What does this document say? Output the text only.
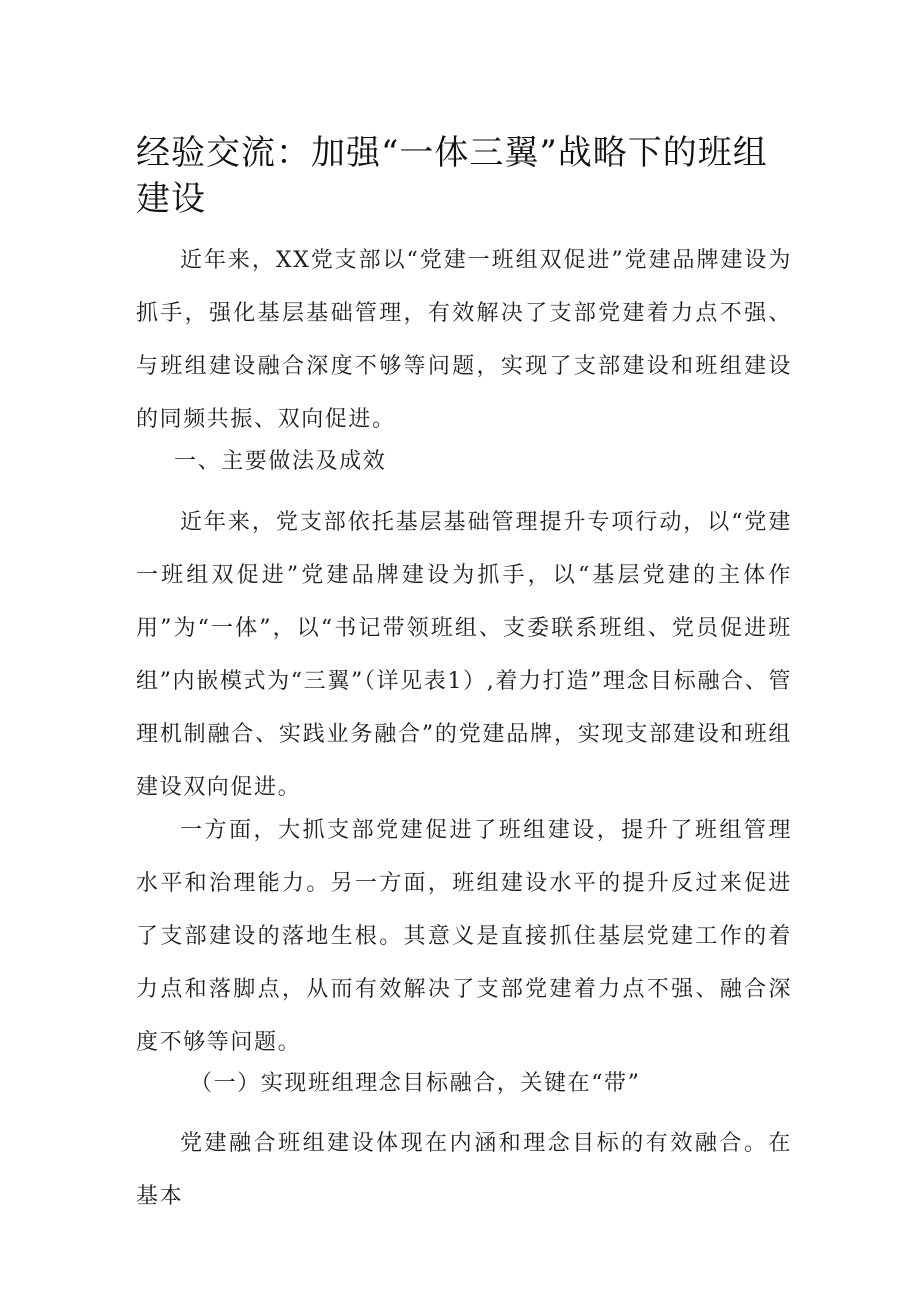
经验交流：加强“一体三翼”战略下的班组建设

近年来，XX党支部以“党建一班组双促进”党建品牌建设为抓手，强化基层基础管理，有效解决了支部党建着力点不强、与班组建设融合深度不够等问题，实现了支部建设和班组建设的同频共振、双向促进。

一、主要做法及成效

近年来，党支部依托基层基础管理提升专项行动，以“党建一班组双促进”党建品牌建设为抓手，以“基层党建的主体作用”为“一体”，以“书记带领班组、支委联系班组、党员促进班组”内嵌模式为“三翼”（详见表1）,着力打造”理念目标融合、管理机制融合、实践业务融合”的党建品牌，实现支部建设和班组建设双向促进。

一方面，大抓支部党建促进了班组建设，提升了班组管理水平和治理能力。另一方面，班组建设水平的提升反过来促进了支部建设的落地生根。其意义是直接抓住基层党建工作的着力点和落脚点，从而有效解决了支部党建着力点不强、融合深度不够等问题。

（一）实现班组理念目标融合，关键在“带”

党建融合班组建设体现在内涵和理念目标的有效融合。在基本
